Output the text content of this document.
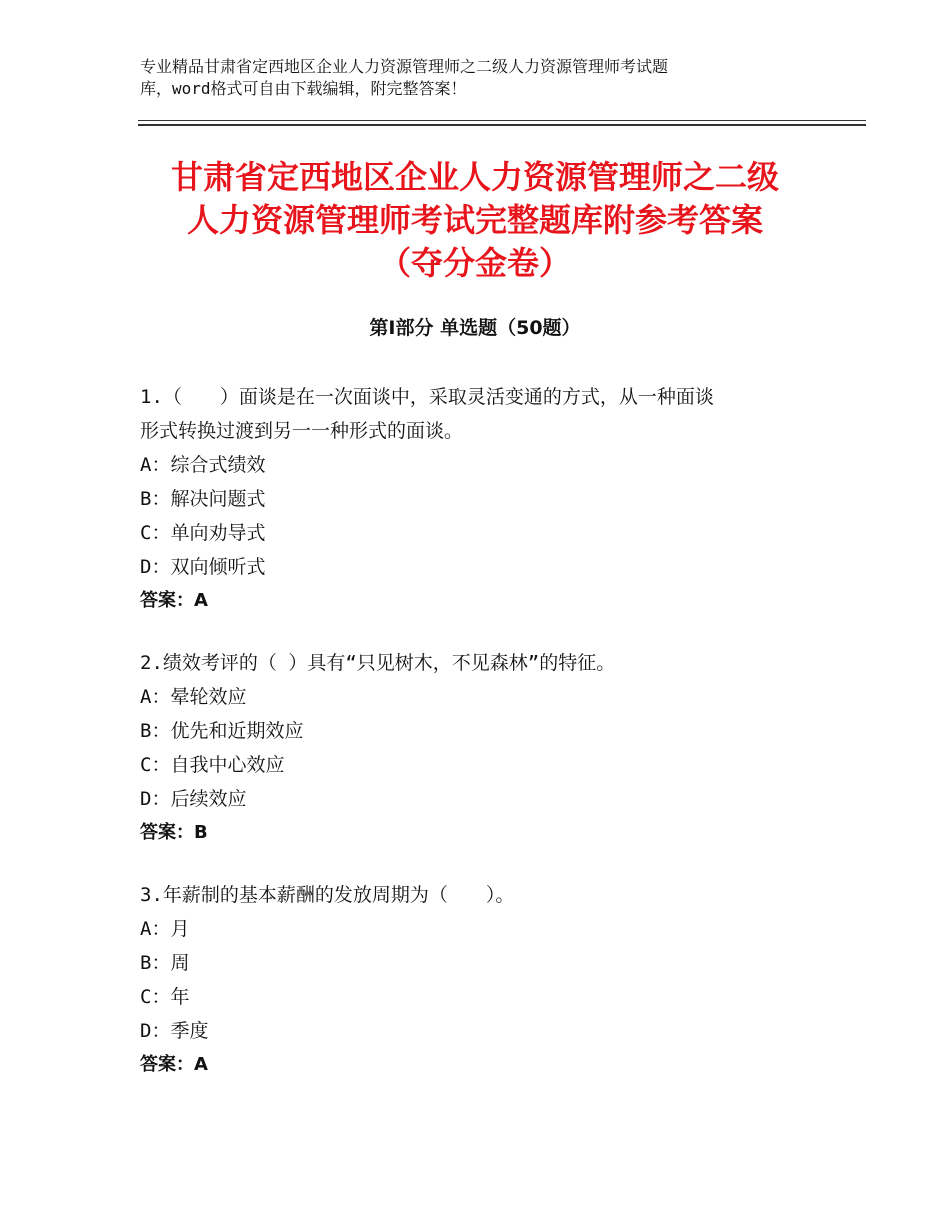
专业精品甘肃省定西地区企业人力资源管理师之二级人力资源管理师考试题
库，word格式可自由下载编辑，附完整答案！
甘肃省定西地区企业人力资源管理师之二级
人力资源管理师考试完整题库附参考答案
（夺分金卷）
第Ⅰ部分 单选题（50题）
1.（　　）面谈是在一次面谈中，采取灵活变通的方式，从一种面谈
形式转换过渡到另一一种形式的面谈。
A：综合式绩效
B：解决问题式
C：单向劝导式
D：双向倾听式
答案：A
2.绩效考评的（ ）具有“只见树木，不见森林”的特征。
A：晕轮效应
B：优先和近期效应
C：自我中心效应
D：后续效应
答案：B
3.年薪制的基本薪酬的发放周期为（　　）。
A：月
B：周
C：年
D：季度
答案：A
